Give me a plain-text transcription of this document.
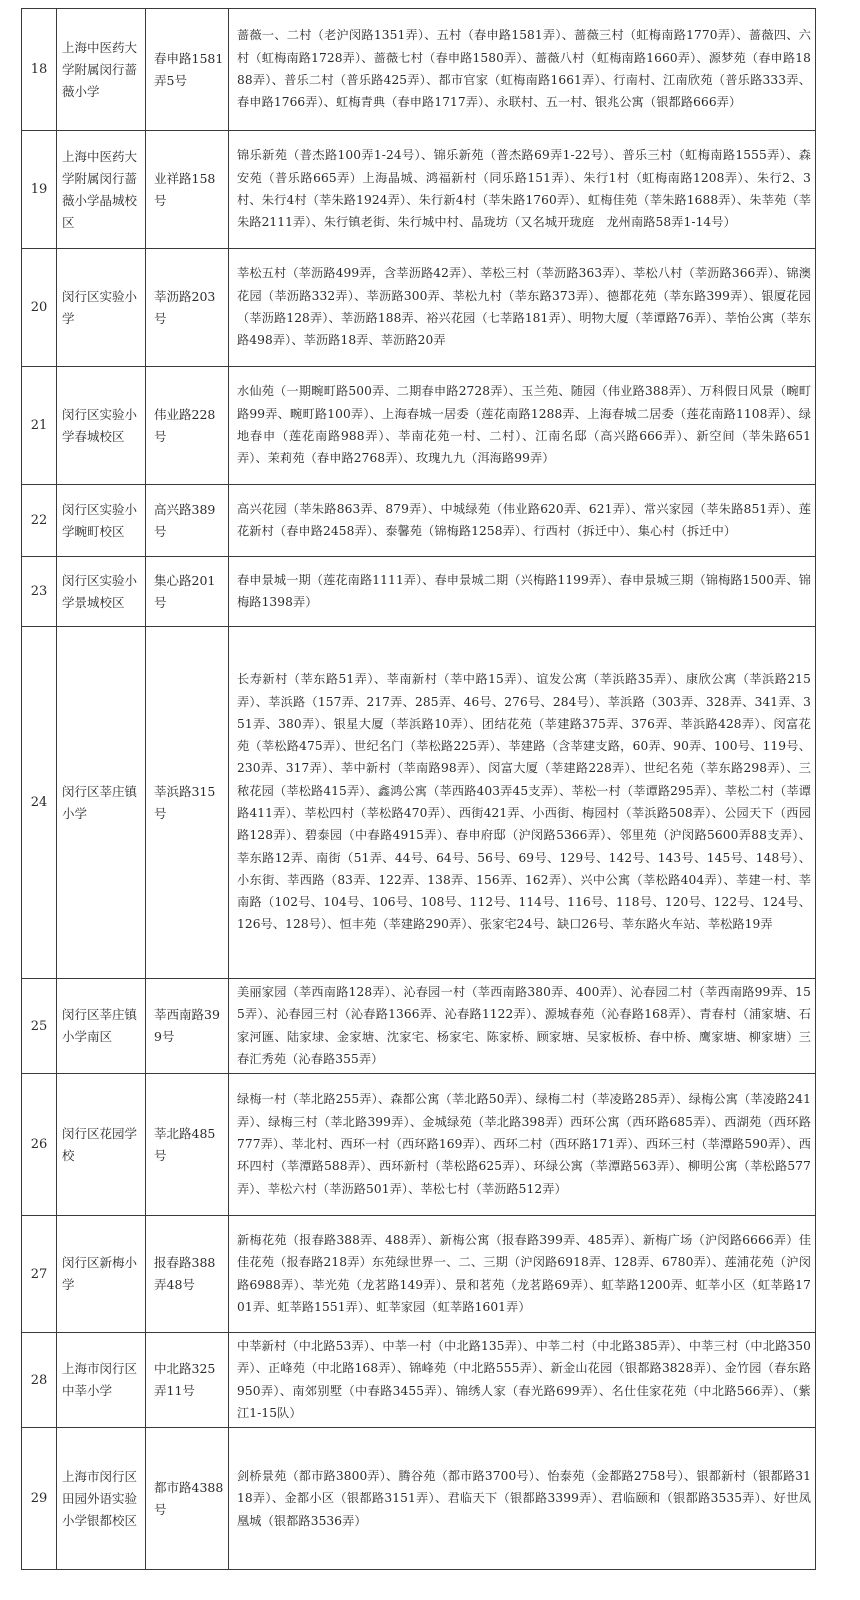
18	上海中医药大学附属闵行蔷薇小学	春申路1581弄5号	蔷薇一、二村（老沪闵路1351弄）、五村（春申路1581弄）、蔷薇三村（虹梅南路1770弄）、蔷薇四、六村（虹梅南路1728弄）、蔷薇七村（春申路1580弄）、蔷薇八村（虹梅南路1660弄）、源梦苑（春申路1888弄）、普乐二村（普乐路425弄）、都市官家（虹梅南路1661弄）、行南村、江南欣苑（普乐路333弄、春申路1766弄）、虹梅青典（春申路1717弄）、永联村、五一村、银兆公寓（银都路666弄）

19	上海中医药大学附属闵行蔷薇小学晶城校区	业祥路158号	锦乐新苑（普杰路100弄1-24号）、锦乐新苑（普杰路69弄1-22号）、普乐三村（虹梅南路1555弄）、森安苑（普乐路665弄）上海晶城、鸿福新村（同乐路151弄）、朱行1村（虹梅南路1208弄）、朱行2、3村、朱行4村（莘朱路1924弄）、朱行新4村（莘朱路1760弄）、虹梅佳苑（莘朱路1688弄）、朱莘苑（莘朱路2111弄）、朱行镇老街、朱行城中村、晶珑坊（又名城开珑庭　龙州南路58弄1-14号）

20	闵行区实验小学	莘沥路203号	莘松五村（莘沥路499弄，含莘沥路42弄）、莘松三村（莘沥路363弄）、莘松八村（莘沥路366弄）、锦澳花园（莘沥路332弄）、莘沥路300弄、莘松九村（莘东路373弄）、德都花苑（莘东路399弄）、银厦花园（莘沥路128弄）、莘沥路188弄、裕兴花园（七莘路181弄）、明物大厦（莘谭路76弄）、莘怡公寓（莘东路498弄）、莘沥路18弄、莘沥路20弄

21	闵行区实验小学春城校区	伟业路228号	水仙苑（一期畹町路500弄、二期春申路2728弄）、玉兰苑、随园（伟业路388弄）、万科假日风景（畹町路99弄、畹町路100弄）、上海春城一居委（莲花南路1288弄、上海春城二居委（莲花南路1108弄）、绿地春申（莲花南路988弄）、莘南花苑一村、二村）、江南名邸（高兴路666弄）、新空间（莘朱路651弄）、茉莉苑（春申路2768弄）、玫瑰九九（洱海路99弄）

22	闵行区实验小学畹町校区	高兴路389号	高兴花园（莘朱路863弄、879弄）、中城绿苑（伟业路620弄、621弄）、常兴家园（莘朱路851弄）、莲花新村（春申路2458弄）、泰馨苑（锦梅路1258弄）、行西村（拆迁中）、集心村（拆迁中）

23	闵行区实验小学景城校区	集心路201号	春申景城一期（莲花南路1111弄）、春申景城二期（兴梅路1199弄）、春申景城三期（锦梅路1500弄、锦梅路1398弄）

24	闵行区莘庄镇小学	莘浜路315号	长寿新村（莘东路51弄）、莘南新村（莘中路15弄）、谊发公寓（莘浜路35弄）、康欣公寓（莘浜路215弄）、莘浜路（157弄、217弄、285弄、46号、276号、284号）、莘浜路（303弄、328弄、341弄、351弄、380弄）、银星大厦（莘浜路10弄）、团结花苑（莘建路375弄、376弄、莘浜路428弄）、闵富花苑（莘松路475弄）、世纪名门（莘松路225弄）、莘建路（含莘建支路，60弄、90弄、100号、119号、230弄、317弄）、莘中新村（莘南路98弄）、闵富大厦（莘建路228弄）、世纪名苑（莘东路298弄）、三秾花园（莘松路415弄）、鑫鸿公寓（莘西路403弄45支弄）、莘松一村（莘谭路295弄）、莘松二村（莘谭路411弄）、莘松四村（莘松路470弄）、西街421弄、小西街、梅园村（莘浜路508弄）、公园天下（西园路128弄）、碧泰园（中春路4915弄）、春申府邸（沪闵路5366弄）、邻里苑（沪闵路5600弄88支弄）、莘东路12弄、南街（51弄、44号、64号、56号、69号、129号、142号、143号、145号、148号）、小东街、莘西路（83弄、122弄、138弄、156弄、162弄）、兴中公寓（莘松路404弄）、莘建一村、莘南路（102号、104号、106号、108号、112号、114号、116号、118号、120号、122号、124号、126号、128号）、恒丰苑（莘建路290弄）、张家宅24号、缺口26号、莘东路火车站、莘松路19弄

25	闵行区莘庄镇小学南区	莘西南路399号	美丽家园（莘西南路128弄）、沁春园一村（莘西南路380弄、400弄）、沁春园二村（莘西南路99弄、155弄）、沁春园三村（沁春路1366弄、沁春路1122弄）、源城春苑（沁春路168弄）、青春村（浦家塘、石家河匯、陆家埭、金家塘、沈家宅、杨家宅、陈家桥、顾家塘、吴家板桥、春中桥、鹰家塘、柳家塘）三春汇秀苑（沁春路355弄）

26	闵行区花园学校	莘北路485号	绿梅一村（莘北路255弄）、森都公寓（莘北路50弄）、绿梅二村（莘凌路285弄）、绿梅公寓（莘凌路241弄）、绿梅三村（莘北路399弄）、金城绿苑（莘北路398弄）西环公寓（西环路685弄）、西湖苑（西环路777弄）、莘北村、西环一村（西环路169弄）、西环二村（西环路171弄）、西环三村（莘潭路590弄）、西环四村（莘潭路588弄）、西环新村（莘松路625弄）、环绿公寓（莘潭路563弄）、柳明公寓（莘松路577弄）、莘松六村（莘沥路501弄）、莘松七村（莘沥路512弄）

27	闵行区新梅小学	报春路388弄48号	新梅花苑（报春路388弄、488弄）、新梅公寓（报春路399弄、485弄）、新梅广场（沪闵路6666弄）佳佳花苑（报春路218弄）东苑绿世界一、二、三期（沪闵路6918弄、128弄、6780弄）、莲浦花苑（沪闵路6988弄）、莘光苑（龙茗路149弄）、景和茗苑（龙茗路69弄）、虹莘路1200弄、虹莘小区（虹莘路1701弄、虹莘路1551弄）、虹莘家园（虹莘路1601弄）

28	上海市闵行区中莘小学	中北路325弄11号	中莘新村（中北路53弄）、中莘一村（中北路135弄）、中莘二村（中北路385弄）、中莘三村（中北路350弄）、正峰苑（中北路168弄）、锦峰苑（中北路555弄）、新金山花园（银都路3828弄）、金竹园（春东路950弄）、南郊别墅（中春路3455弄）、锦绣人家（春光路699弄）、名仕佳家花苑（中北路566弄）、（紫江1-15队）

29	上海市闵行区田园外语实验小学银都校区	都市路4388号	剑桥景苑（都市路3800弄）、腾谷苑（都市路3700号）、怡泰苑（金都路2758号）、银都新村（银都路3118弄）、金都小区（银都路3151弄）、君临天下（银都路3399弄）、君临颐和（银都路3535弄）、好世凤凰城（银都路3536弄）
